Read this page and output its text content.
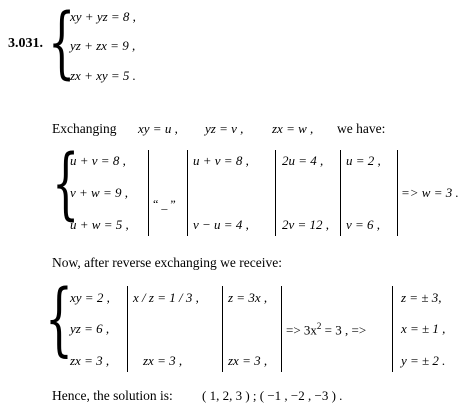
3.031. {
xy + yz = 8 ,
yz + zx = 9 ,
zx + xy = 5 .
Exchanging xy = u , yz = v , zx = w , we have:
{
u + v = 8 ,
v + w = 9 ,
u + w = 5 ,
“ _ ”
u + v = 8 ,
v − u = 4 ,
2u = 4 ,
2v = 12 ,
u = 2 ,
v = 6 ,
=> w = 3 .
Now, after reverse exchanging we receive:
{
xy = 2 ,
yz = 6 ,
zx = 3 ,
x / z = 1 / 3 ,
zx = 3 ,
z = 3x ,
zx = 3 ,
=> $3x^2 = 3$ , =>
z = ± 3,
x = ± 1 ,
y = ± 2 .
Hence, the solution is: ( 1, 2, 3 ) ; ( −1 , −2 , −3 ) .
